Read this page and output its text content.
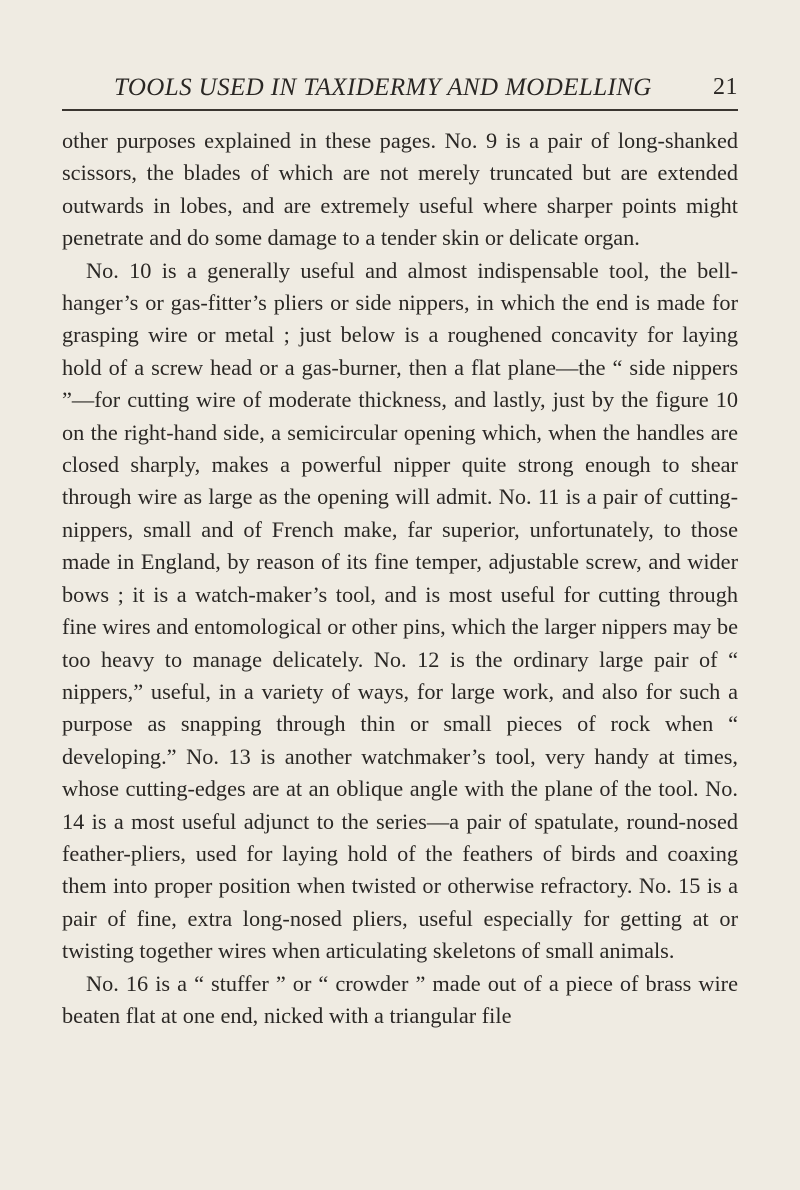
TOOLS USED IN TAXIDERMY AND MODELLING	21

other purposes explained in these pages. No. 9 is a pair of long-shanked scissors, the blades of which are not merely truncated but are extended outwards in lobes, and are extremely useful where sharper points might penetrate and do some damage to a tender skin or delicate organ.

No. 10 is a generally useful and almost indispensable tool, the bell-hanger’s or gas-fitter’s pliers or side nippers, in which the end is made for grasping wire or metal ; just below is a roughened concavity for laying hold of a screw head or a gas-burner, then a flat plane—the “ side nippers ”—for cutting wire of moderate thickness, and lastly, just by the figure 10 on the right-hand side, a semicircular opening which, when the handles are closed sharply, makes a powerful nipper quite strong enough to shear through wire as large as the opening will admit. No. 11 is a pair of cutting-nippers, small and of French make, far superior, unfortunately, to those made in England, by reason of its fine temper, adjustable screw, and wider bows ; it is a watch-maker’s tool, and is most useful for cutting through fine wires and entomological or other pins, which the larger nippers may be too heavy to manage delicately. No. 12 is the ordinary large pair of “ nippers,” useful, in a variety of ways, for large work, and also for such a purpose as snapping through thin or small pieces of rock when “ developing.” No. 13 is another watchmaker’s tool, very handy at times, whose cutting-edges are at an oblique angle with the plane of the tool. No. 14 is a most useful adjunct to the series—a pair of spatulate, round-nosed feather-pliers, used for laying hold of the feathers of birds and coaxing them into proper position when twisted or otherwise refractory. No. 15 is a pair of fine, extra long-nosed pliers, useful especially for getting at or twisting together wires when articulating skeletons of small animals.

No. 16 is a “ stuffer ” or “ crowder ” made out of a piece of brass wire beaten flat at one end, nicked with a triangular file
